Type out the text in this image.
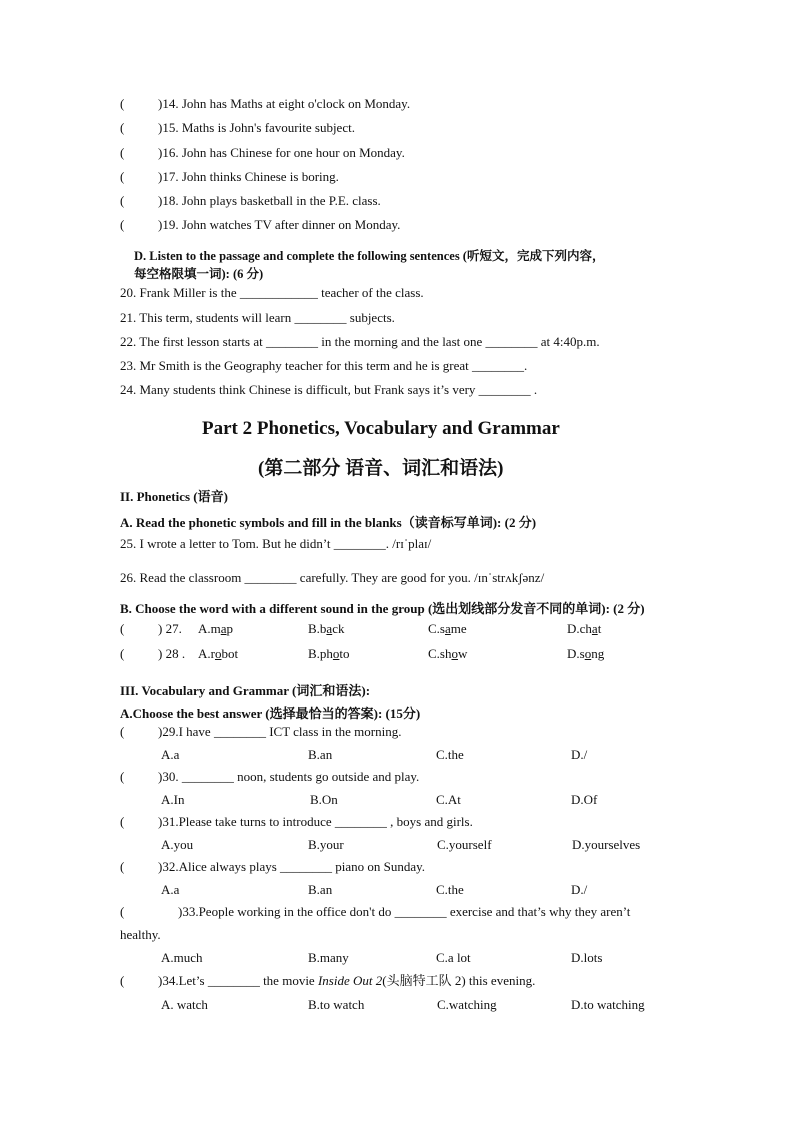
(	)14. John has Maths at eight o'clock on Monday.
(	)15. Maths is John's favourite subject.
(	)16. John has Chinese for one hour on Monday.
(	)17. John thinks Chinese is boring.
(	)18. John plays basketball in the P.E. class.
(	)19. John watches TV after dinner on Monday.
D. Listen to the passage and complete the following sentences (听短文，完成下列内容，
每空格限填一词): (6 分)
20. Frank Miller is the ____________ teacher of the class.
21. This term, students will learn ________ subjects.
22. The first lesson starts at ________ in the morning and the last one ________ at 4:40p.m.
23. Mr Smith is the Geography teacher for this term and he is great ________.
24. Many students think Chinese is difficult, but Frank says it’s very ________ .
Part 2 Phonetics, Vocabulary and Grammar
(第二部分 语音、词汇和语法)
II. Phonetics (语音)
A. Read the phonetic symbols and fill in the blanks（读音标写单词): (2 分)
25. I wrote a letter to Tom. But he didn’t ________. /rɪˈplaɪ/
26. Read the classroom ________ carefully. They are good for you. /ɪnˈstrʌkʃənz/
B. Choose the word with a different sound in the group (选出划线部分发音不同的单词): (2 分)
(	) 27. A.map	B.back	C.same	D.chat
(	) 28 . A.robot	B.photo	C.show	D.song
III. Vocabulary and Grammar (词汇和语法):
A.Choose the best answer (选择最恰当的答案): (15分)
(	)29.I have ________ ICT class in the morning.
A.a	B.an	C.the	D./
(	)30. ________ noon, students go outside and play.
A.In	B.On	C.At	D.Of
(	)31.Please take turns to introduce ________ , boys and girls.
A.you	B.your	C.yourself	D.yourselves
(	)32.Alice always plays ________ piano on Sunday.
A.a	B.an	C.the	D./
(	)33.People working in the office don't do ________ exercise and that’s why they aren’t
healthy.
A.much	B.many	C.a lot	D.lots
(	)34.Let’s ________ the movie Inside Out 2(头脑特工队 2) this evening.
A. watch	B.to watch	C.watching	D.to watching
